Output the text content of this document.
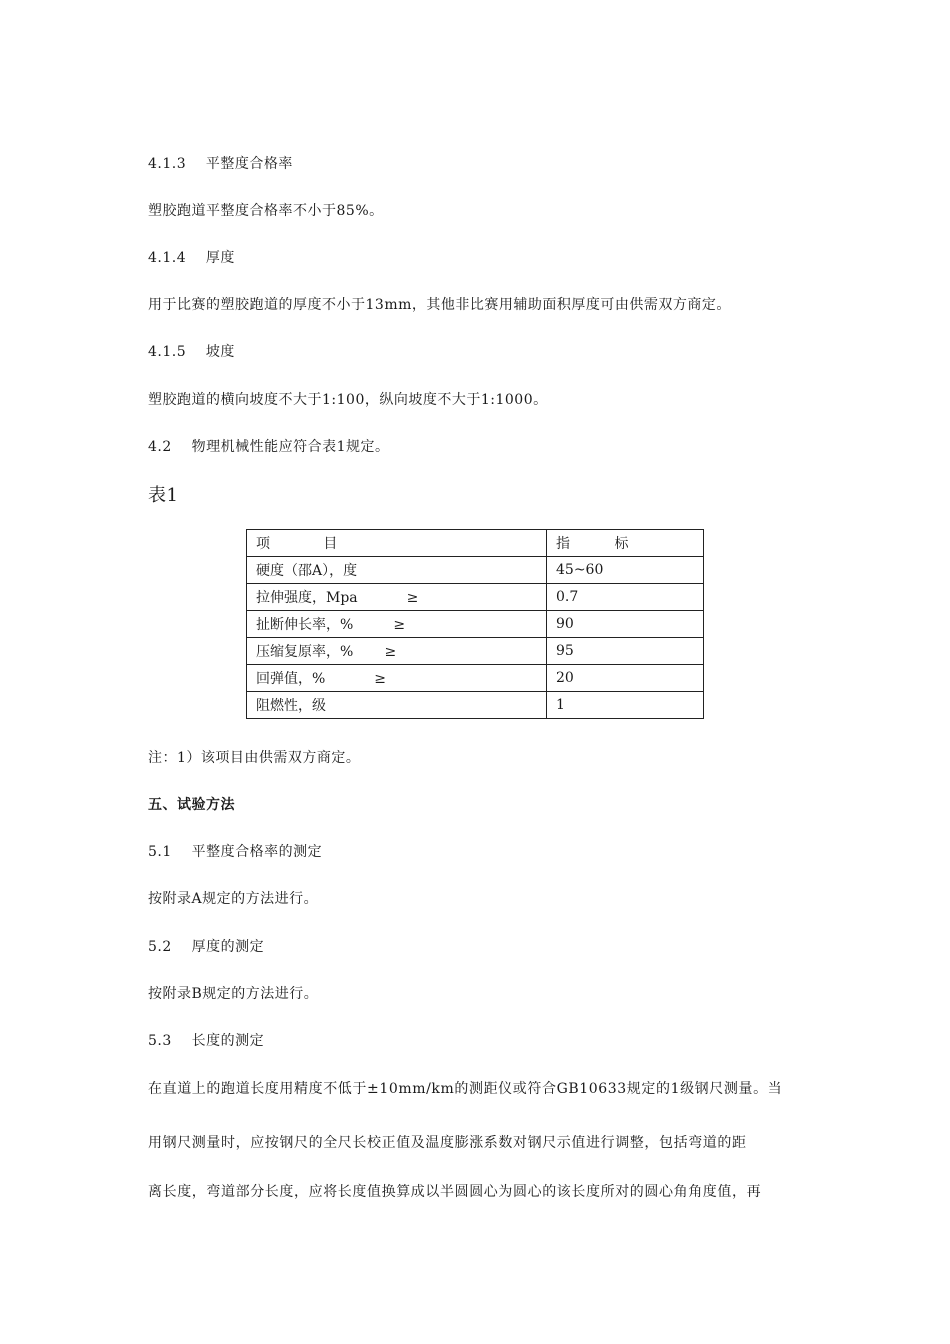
4.1.3    平整度合格率
塑胶跑道平整度合格率不小于85%。
4.1.4    厚度
用于比赛的塑胶跑道的厚度不小于13mm，其他非比赛用辅助面积厚度可由供需双方商定。
4.1.5    坡度
塑胶跑道的横向坡度不大于1:100，纵向坡度不大于1:1000。
4.2    物理机械性能应符合表1规定。
表1
项            目	指          标
硬度（邵A），度	45~60
拉伸强度，Mpa           ≥	0.7
扯断伸长率，%         ≥	90
压缩复原率，%       ≥	95
回弹值，%           ≥	20
阻燃性，级	1
注：1）该项目由供需双方商定。
五、试验方法
5.1    平整度合格率的测定
按附录A规定的方法进行。
5.2    厚度的测定
按附录B规定的方法进行。
5.3    长度的测定
在直道上的跑道长度用精度不低于±10mm/km的测距仪或符合GB10633规定的1级钢尺测量。当
用钢尺测量时，应按钢尺的全尺长校正值及温度膨涨系数对钢尺示值进行调整，包括弯道的距
离长度，弯道部分长度，应将长度值换算成以半圆圆心为圆心的该长度所对的圆心角角度值，再
